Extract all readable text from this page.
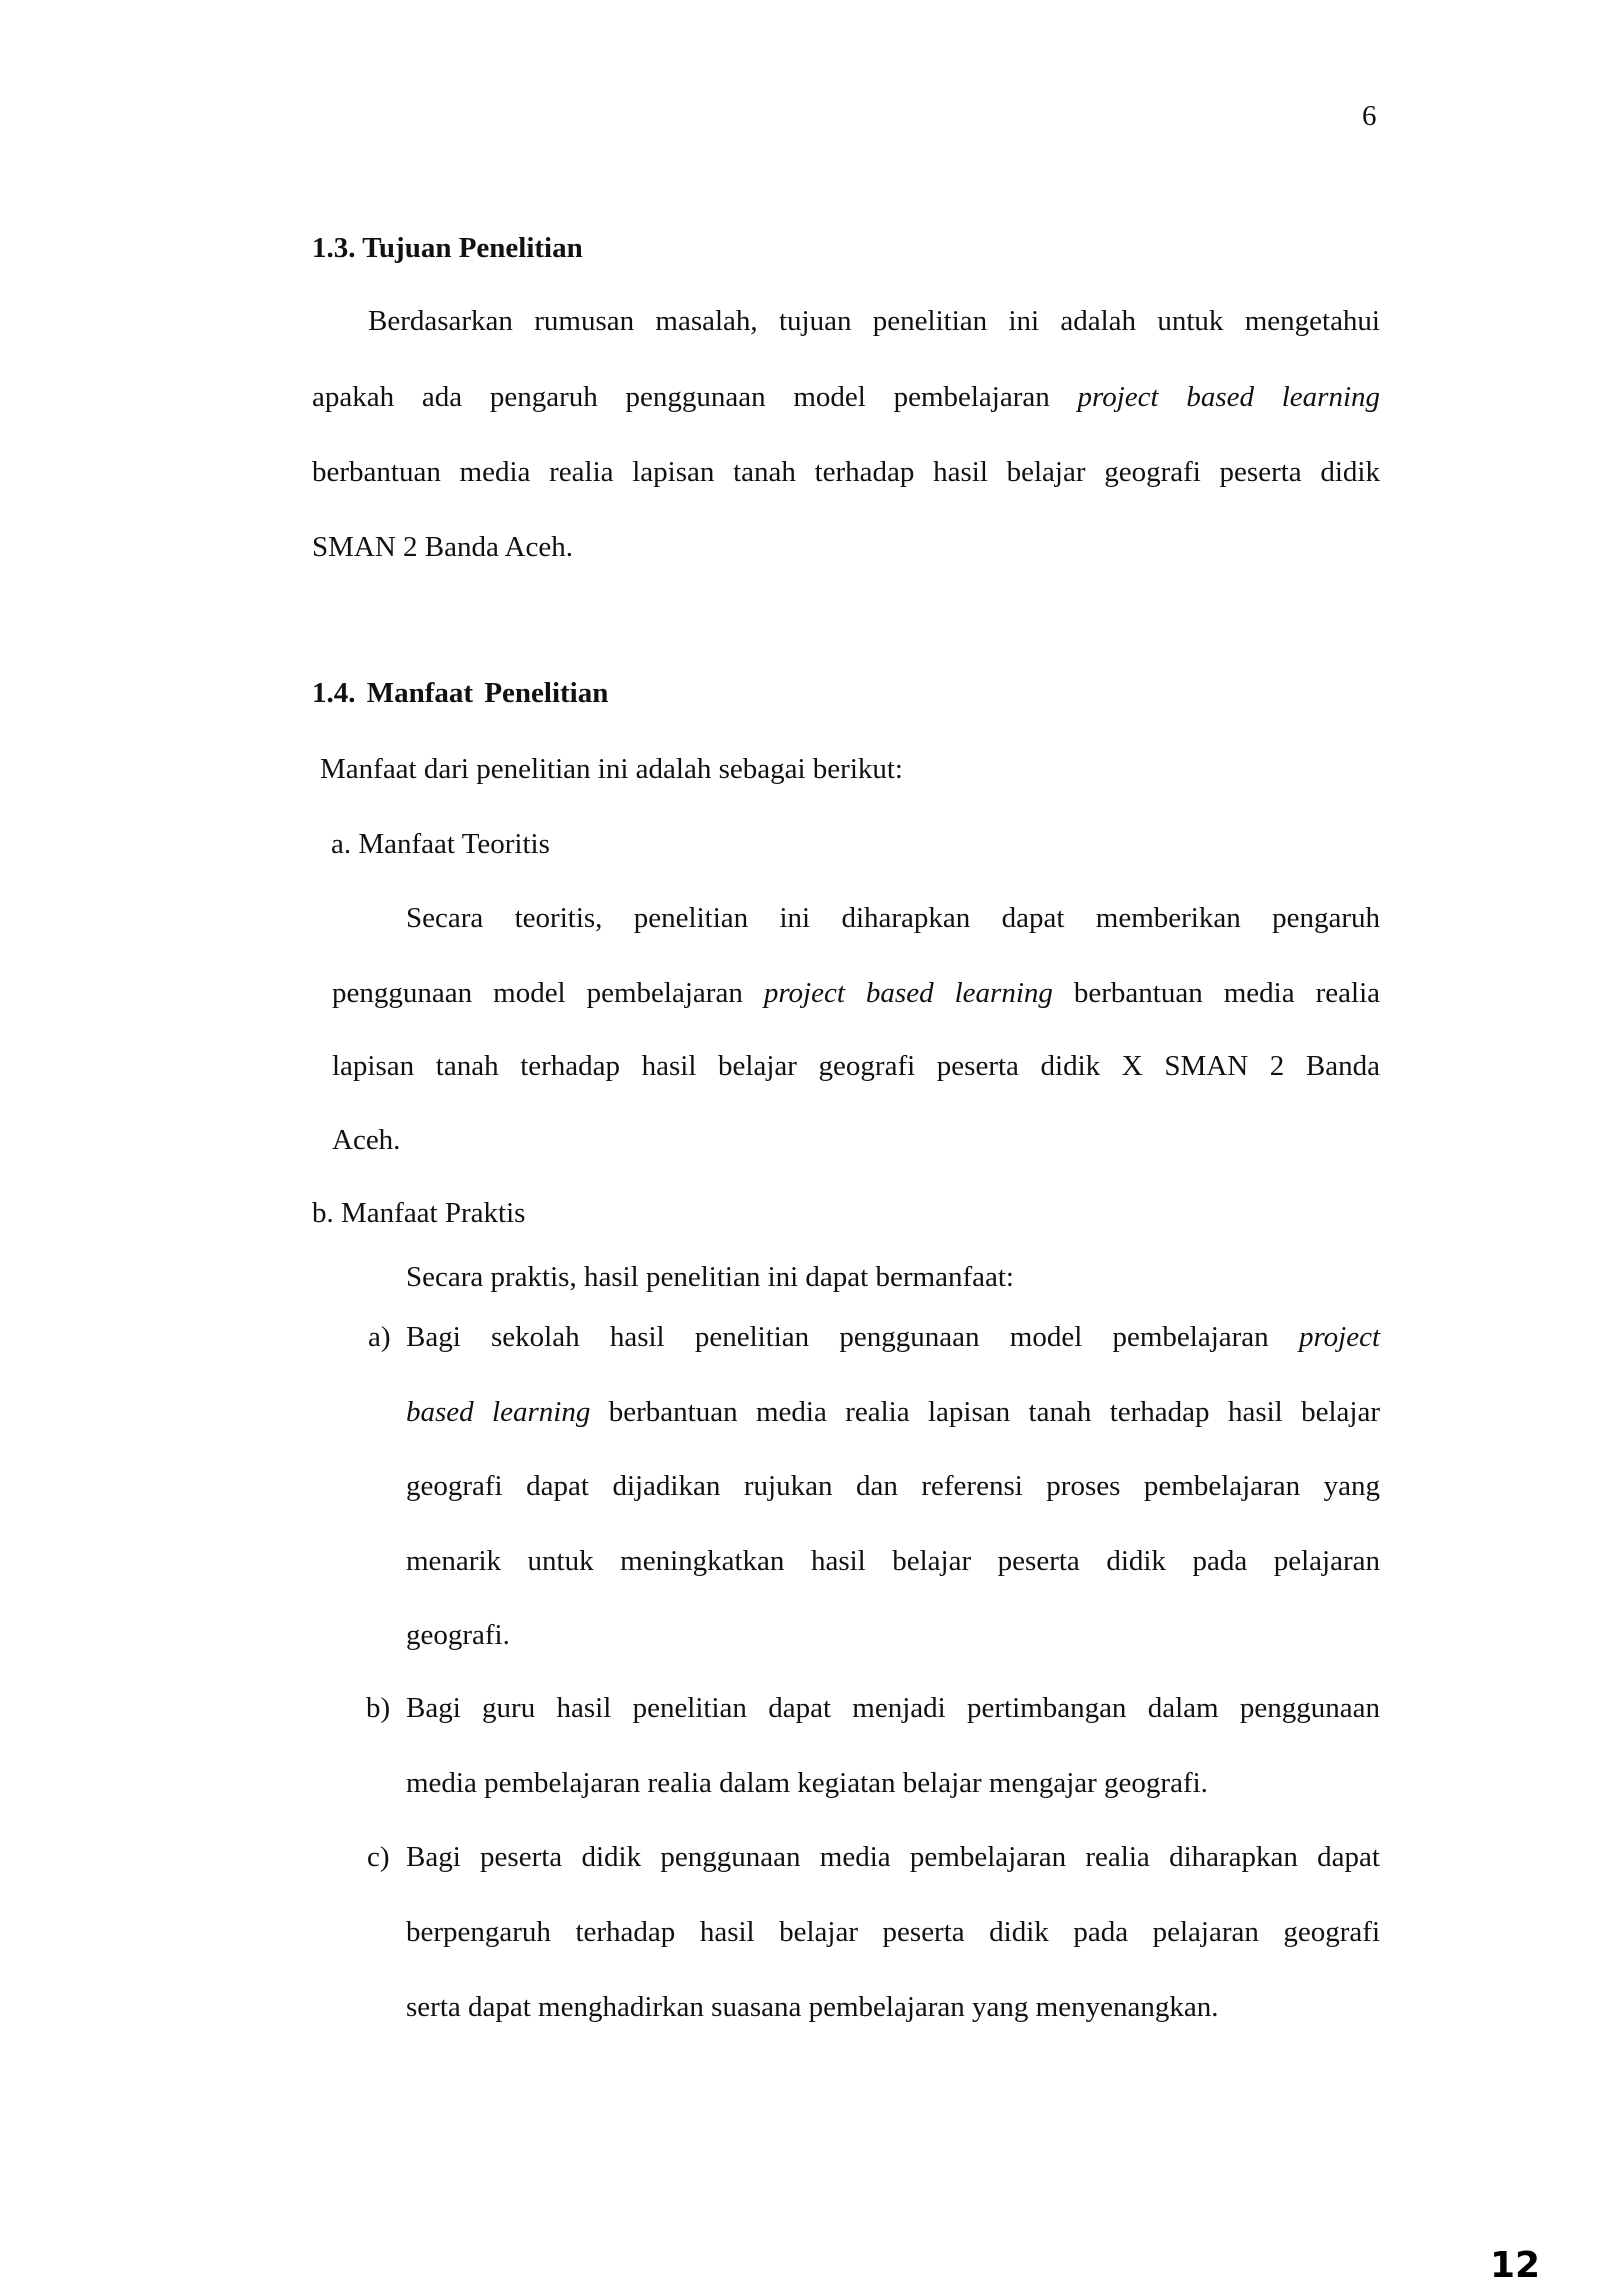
6
1.3. Tujuan Penelitian
Berdasarkan rumusan masalah, tujuan penelitian ini adalah untuk mengetahui
apakah ada pengaruh penggunaan model pembelajaran project based learning
berbantuan media realia lapisan tanah terhadap hasil belajar geografi peserta didik
SMAN 2 Banda Aceh.
1.4. Manfaat Penelitian
Manfaat dari penelitian ini adalah sebagai berikut:
a. Manfaat Teoritis
Secara teoritis, penelitian ini diharapkan dapat memberikan pengaruh
penggunaan model pembelajaran project based learning berbantuan media realia
lapisan tanah terhadap hasil belajar geografi peserta didik X SMAN 2 Banda
Aceh.
b. Manfaat Praktis
Secara praktis, hasil penelitian ini dapat bermanfaat:
a) Bagi sekolah hasil penelitian penggunaan model pembelajaran project
based learning berbantuan media realia lapisan tanah terhadap hasil belajar
geografi dapat dijadikan rujukan dan referensi proses pembelajaran yang
menarik untuk meningkatkan hasil belajar peserta didik pada pelajaran
geografi.
b) Bagi guru hasil penelitian dapat menjadi pertimbangan dalam penggunaan
media pembelajaran realia dalam kegiatan belajar mengajar geografi.
c) Bagi peserta didik penggunaan media pembelajaran realia diharapkan dapat
berpengaruh terhadap hasil belajar peserta didik pada pelajaran geografi
serta dapat menghadirkan suasana pembelajaran yang menyenangkan.
12
